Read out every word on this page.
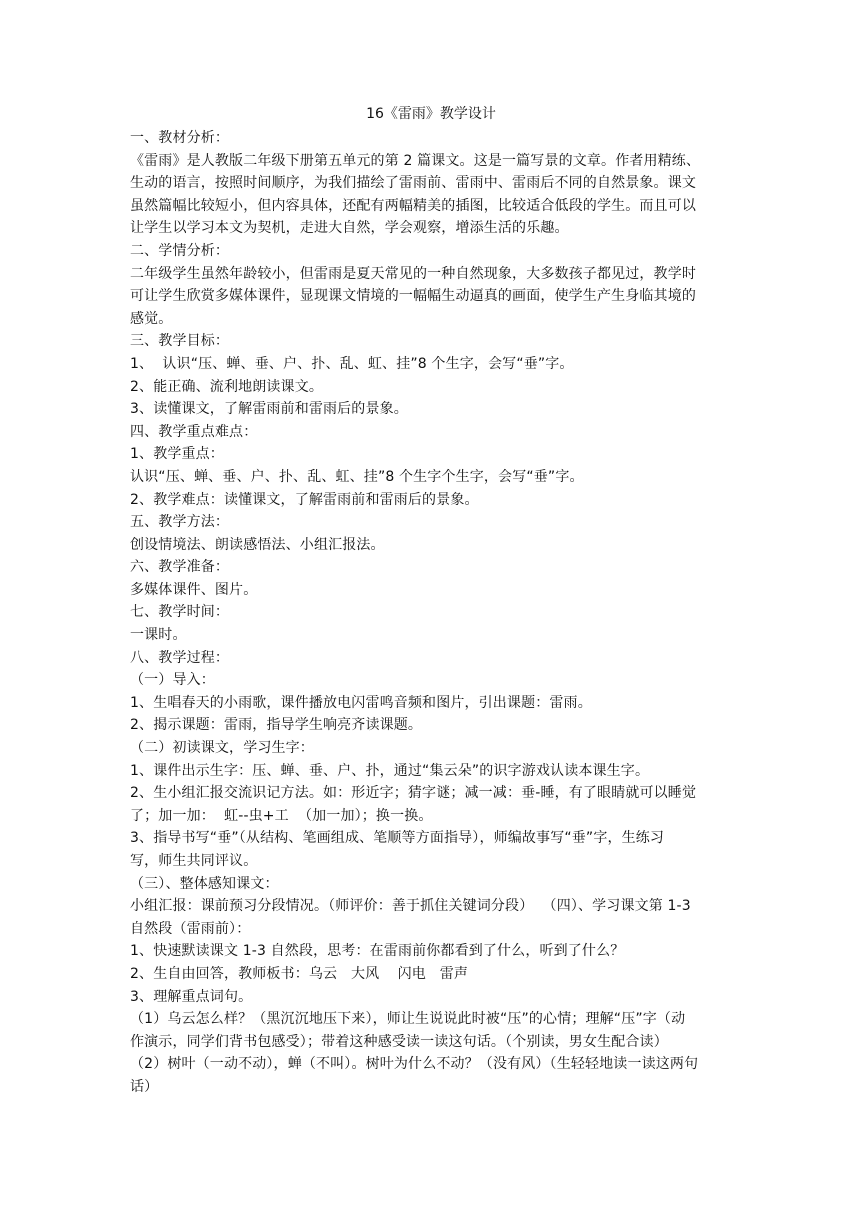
16《雷雨》教学设计
一、教材分析：
《雷雨》是人教版二年级下册第五单元的第 2 篇课文。这是一篇写景的文章。作者用精练、
生动的语言，按照时间顺序，为我们描绘了雷雨前、雷雨中、雷雨后不同的自然景象。课文
虽然篇幅比较短小，但内容具体，还配有两幅精美的插图，比较适合低段的学生。而且可以
让学生以学习本文为契机，走进大自然，学会观察，增添生活的乐趣。
二、学情分析：
二年级学生虽然年龄较小，但雷雨是夏天常见的一种自然现象，大多数孩子都见过，教学时
可让学生欣赏多媒体课件，显现课文情境的一幅幅生动逼真的画面，使学生产生身临其境的
感觉。
三、教学目标：
1、  认识“压、蝉、垂、户、扑、乱、虹、挂”8 个生字，会写“垂”字。
2、能正确、流利地朗读课文。
3、读懂课文，了解雷雨前和雷雨后的景象。
四、教学重点难点：
1、教学重点：
认识“压、蝉、垂、户、扑、乱、虹、挂”8 个生字个生字，会写“垂”字。
2、教学难点：读懂课文，了解雷雨前和雷雨后的景象。
五、教学方法：
创设情境法、朗读感悟法、小组汇报法。
六、教学准备：
多媒体课件、图片。
七、教学时间：
一课时。
八、教学过程：
（一）导入：
1、生唱春天的小雨歌，课件播放电闪雷鸣音频和图片，引出课题：雷雨。
2、揭示课题：雷雨，指导学生响亮齐读课题。
（二）初读课文，学习生字：
1、课件出示生字：压、蝉、垂、户、扑，通过“集云朵”的识字游戏认读本课生字。
2、生小组汇报交流识记方法。如：形近字；猜字谜；减一减：垂-睡，有了眼睛就可以睡觉
了；加一加：  虹--虫+工  （加一加）；换一换。
3、指导书写“垂”（从结构、笔画组成、笔顺等方面指导），师编故事写“垂”字，生练习
写，师生共同评议。
（三）、整体感知课文：
小组汇报：课前预习分段情况。（师评价：善于抓住关键词分段）  （四）、学习课文第 1-3
自然段（雷雨前）：
1、快速默读课文 1-3 自然段，思考：在雷雨前你都看到了什么，听到了什么？
2、生自由回答，教师板书：乌云   大风    闪电   雷声
3、理解重点词句。
（1）乌云怎么样？（黑沉沉地压下来），师让生说说此时被“压”的心情；理解“压”字（动
作演示，同学们背书包感受）；带着这种感受读一读这句话。（个别读，男女生配合读）
（2）树叶（一动不动），蝉（不叫）。树叶为什么不动？（没有风）（生轻轻地读一读这两句
话）
